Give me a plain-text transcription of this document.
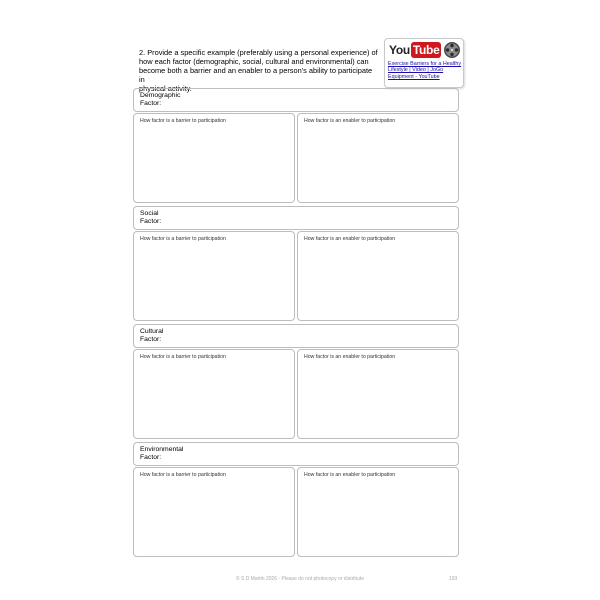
2. Provide a specific example (preferably using a personal experience) of
how each factor (demographic, social, cultural and environmental) can
become both a barrier and an enabler to a person's ability to participate in
physical activity.
You Tube
Exercise Barriers for a Healthy Lifestyle | Video | JoGo Equipment - YouTube
Demographic
Factor:
How factor is a barrier to participation	How factor is an enabler to participation
Social
Factor:
How factor is a barrier to participation	How factor is an enabler to participation
Cultural
Factor:
How factor is a barrier to participation	How factor is an enabler to participation
Environmental
Factor:
How factor is a barrier to participation	How factor is an enabler to participation
© S D Martin 2026 - Please do not photocopy or distribute	193
